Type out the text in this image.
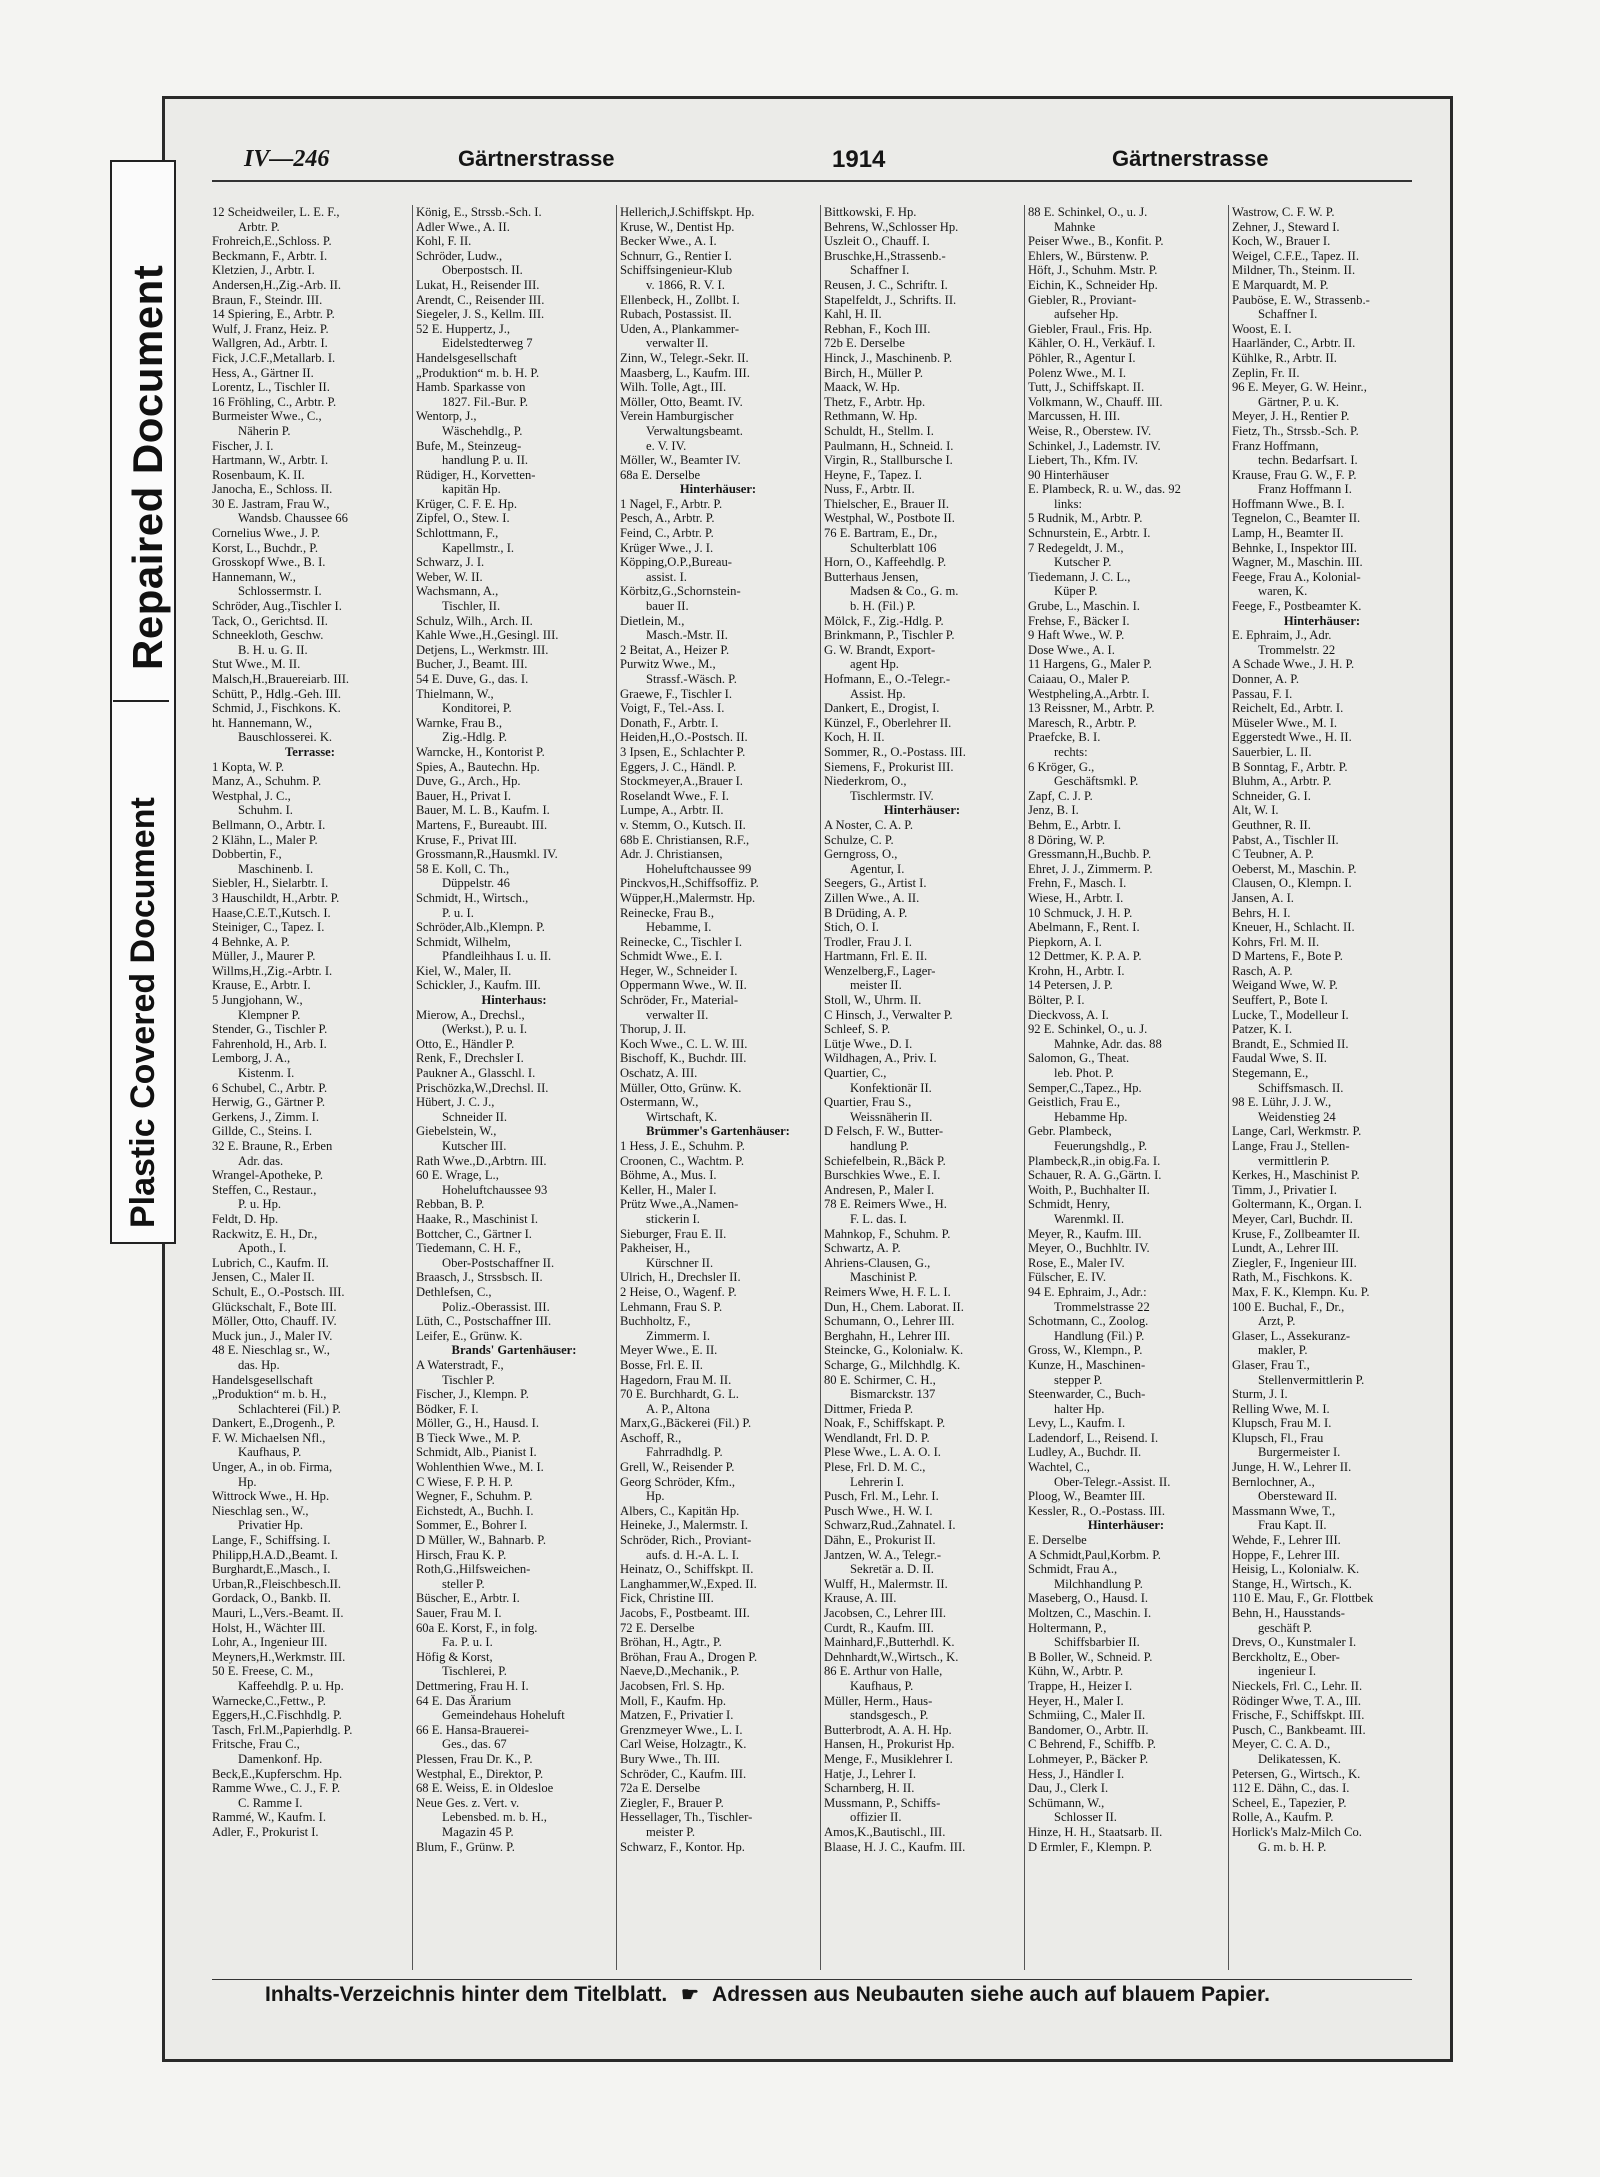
Repaired Document
Plastic Covered Document
IV—246	Gärtnerstrasse	1914	Gärtnerstrasse
12 Scheidweiler, L. E. F.,
Arbtr. P.
Frohreich,E.,Schloss. P.
Beckmann, F., Arbtr. I.
Kletzien, J., Arbtr. I.
Andersen,H.,Zig.-Arb. II.
Braun, F., Steindr. III.
14 Spiering, E., Arbtr. P.
Wulf, J. Franz, Heiz. P.
Wallgren, Ad., Arbtr. I.
Fick, J.C.F.,Metallarb. I.
Hess, A., Gärtner II.
Lorentz, L., Tischler II.
16 Fröhling, C., Arbtr. P.
Burmeister Wwe., C.,
Näherin P.
Fischer, J. I.
Hartmann, W., Arbtr. I.
Rosenbaum, K. II.
Janocha, E., Schloss. II.
30 E. Jastram, Frau W.,
Wandsb. Chaussee 66
Cornelius Wwe., J. P.
Korst, L., Buchdr., P.
Grosskopf Wwe., B. I.
Hannemann, W.,
Schlossermstr. I.
Schröder, Aug.,Tischler I.
Tack, O., Gerichtsd. II.
Schneekloth, Geschw.
B. H. u. G. II.
Stut Wwe., M. II.
Malsch,H.,Brauereiarb. III.
Schütt, P., Hdlg.-Geh. III.
Schmid, J., Fischkons. K.
ht. Hannemann, W.,
Bauschlosserei. K.
Terrasse:
1 Kopta, W. P.
Manz, A., Schuhm. P.
Westphal, J. C.,
Schuhm. I.
Bellmann, O., Arbtr. I.
2 Klähn, L., Maler P.
Dobbertin, F.,
Maschinenb. I.
Siebler, H., Sielarbtr. I.
3 Hauschildt, H.,Arbtr. P.
Haase,C.E.T.,Kutsch. I.
Steiniger, C., Tapez. I.
4 Behnke, A. P.
Müller, J., Maurer P.
Willms,H.,Zig.-Arbtr. I.
Krause, E., Arbtr. I.
5 Jungjohann, W.,
Klempner P.
Stender, G., Tischler P.
Fahrenhold, H., Arb. I.
Lemborg, J. A.,
Kistenm. I.
6 Schubel, C., Arbtr. P.
Herwig, G., Gärtner P.
Gerkens, J., Zimm. I.
Gillde, C., Steins. I.
32 E. Braune, R., Erben
Adr. das.
Wrangel-Apotheke, P.
Steffen, C., Restaur.,
P. u. Hp.
Feldt, D. Hp.
Rackwitz, E. H., Dr.,
Apoth., I.
Lubrich, C., Kaufm. II.
Jensen, C., Maler II.
Schult, E., O.-Postsch. III.
Glückschalt, F., Bote III.
Möller, Otto, Chauff. IV.
Muck jun., J., Maler IV.
48 E. Nieschlag sr., W.,
das. Hp.
Handelsgesellschaft
„Produktion“ m. b. H.,
Schlachterei (Fil.) P.
Dankert, E.,Drogenh., P.
F. W. Michaelsen Nfl.,
Kaufhaus, P.
Unger, A., in ob. Firma,
Hp.
Wittrock Wwe., H. Hp.
Nieschlag sen., W.,
Privatier Hp.
Lange, F., Schiffsing. I.
Philipp,H.A.D.,Beamt. I.
Burghardt,E.,Masch., I.
Urban,R.,Fleischbesch.II.
Gordack, O., Bankb. II.
Mauri, L.,Vers.-Beamt. II.
Holst, H., Wächter III.
Lohr, A., Ingenieur III.
Meyners,H.,Werkmstr. III.
50 E. Freese, C. M.,
Kaffeehdlg. P. u. Hp.
Warnecke,C.,Fettw., P.
Eggers,H.,C.Fischhdlg. P.
Tasch, Frl.M.,Papierhdlg. P.
Fritsche, Frau C.,
Damenkonf. Hp.
Beck,E.,Kupferschm. Hp.
Ramme Wwe., C. J., F. P.
C. Ramme I.
Rammé, W., Kaufm. I.
Adler, F., Prokurist I.
König, E., Strssb.-Sch. I.
Adler Wwe., A. II.
Kohl, F. II.
Schröder, Ludw.,
Oberpostsch. II.
Lukat, H., Reisender III.
Arendt, C., Reisender III.
Siegeler, J. S., Kellm. III.
52 E. Huppertz, J.,
Eidelstedterweg 7
Handelsgesellschaft
„Produktion“ m. b. H. P.
Hamb. Sparkasse von
1827. Fil.-Bur. P.
Wentorp, J.,
Wäschehdlg., P.
Bufe, M., Steinzeug-
handlung P. u. II.
Rüdiger, H., Korvetten-
kapitän Hp.
Krüger, C. F. E. Hp.
Zipfel, O., Stew. I.
Schlottmann, F.,
Kapellmstr., I.
Schwarz, J. I.
Weber, W. II.
Wachsmann, A.,
Tischler, II.
Schulz, Wilh., Arch. II.
Kahle Wwe.,H.,Gesingl. III.
Detjens, L., Werkmstr. III.
Bucher, J., Beamt. III.
54 E. Duve, G., das. I.
Thielmann, W.,
Konditorei, P.
Warnke, Frau B.,
Zig.-Hdlg. P.
Warncke, H., Kontorist P.
Spies, A., Bautechn. Hp.
Duve, G., Arch., Hp.
Bauer, H., Privat I.
Bauer, M. L. B., Kaufm. I.
Martens, F., Bureaubt. III.
Kruse, F., Privat III.
Grossmann,R.,Hausmkl. IV.
58 E. Koll, C. Th.,
Düppelstr. 46
Schmidt, H., Wirtsch.,
P. u. I.
Schröder,Alb.,Klempn. P.
Schmidt, Wilhelm,
Pfandleihhaus I. u. II.
Kiel, W., Maler, II.
Schickler, J., Kaufm. III.
Hinterhaus:
Mierow, A., Drechsl.,
(Werkst.), P. u. I.
Otto, E., Händler P.
Renk, F., Drechsler I.
Paukner A., Glasschl. I.
Prischözka,W.,Drechsl. II.
Hübert, J. C. J.,
Schneider II.
Giebelstein, W.,
Kutscher III.
Rath Wwe.,D.,Arbtrn. III.
60 E. Wrage, L.,
Hoheluftchaussee 93
Rebban, B. P.
Haake, R., Maschinist I.
Bottcher, C., Gärtner I.
Tiedemann, C. H. F.,
Ober-Postschaffner II.
Braasch, J., Strssbsch. II.
Dethlefsen, C.,
Poliz.-Oberassist. III.
Lüth, C., Postschaffner III.
Leifer, E., Grünw. K.
Brands' Gartenhäuser:
A Waterstradt, F.,
Tischler P.
Fischer, J., Klempn. P.
Bödker, F. I.
Möller, G., H., Hausd. I.
B Tieck Wwe., M. P.
Schmidt, Alb., Pianist I.
Wohlenthien Wwe., M. I.
C Wiese, F. P. H. P.
Wegner, F., Schuhm. P.
Eichstedt, A., Buchh. I.
Sommer, E., Bohrer I.
D Müller, W., Bahnarb. P.
Hirsch, Frau K. P.
Roth,G.,Hilfsweichen-
steller P.
Büscher, E., Arbtr. I.
Sauer, Frau M. I.
60a E. Korst, F., in folg.
Fa. P. u. I.
Höfig & Korst,
Tischlerei, P.
Dettmering, Frau H. I.
64 E. Das Ärarium
Gemeindehaus Hoheluft
66 E. Hansa-Brauerei-
Ges., das. 67
Plessen, Frau Dr. K., P.
Westphal, E., Direktor, P.
68 E. Weiss, E. in Oldesloe
Neue Ges. z. Vert. v.
Lebensbed. m. b. H.,
Magazin 45 P.
Blum, F., Grünw. P.
Hellerich,J.Schiffskpt. Hp.
Kruse, W., Dentist Hp.
Becker Wwe., A. I.
Schnurr, G., Rentier I.
Schiffsingenieur-Klub
v. 1866, R. V. I.
Ellenbeck, H., Zollbt. I.
Rubach, Postassist. II.
Uden, A., Plankammer-
verwalter II.
Zinn, W., Telegr.-Sekr. II.
Maasberg, L., Kaufm. III.
Wilh. Tolle, Agt., III.
Möller, Otto, Beamt. IV.
Verein Hamburgischer
Verwaltungsbeamt.
e. V. IV.
Möller, W., Beamter IV.
68a E. Derselbe
Hinterhäuser:
1 Nagel, F., Arbtr. P.
Pesch, A., Arbtr. P.
Feind, C., Arbtr. P.
Krüger Wwe., J. I.
Köpping,O.P.,Bureau-
assist. I.
Körbitz,G.,Schornstein-
bauer II.
Dietlein, M.,
Masch.-Mstr. II.
2 Beitat, A., Heizer P.
Purwitz Wwe., M.,
Strassf.-Wäsch. P.
Graewe, F., Tischler I.
Voigt, F., Tel.-Ass. I.
Donath, F., Arbtr. I.
Heiden,H.,O.-Postsch. II.
3 Ipsen, E., Schlachter P.
Eggers, J. C., Händl. P.
Stockmeyer,A.,Brauer I.
Roselandt Wwe., F. I.
Lumpe, A., Arbtr. II.
v. Stemm, O., Kutsch. II.
68b E. Christiansen, R.F.,
Adr. J. Christiansen,
Hoheluftchaussee 99
Pinckvos,H.,Schiffsoffiz. P.
Wüpper,H.,Malermstr. Hp.
Reinecke, Frau B.,
Hebamme, I.
Reinecke, C., Tischler I.
Schmidt Wwe., E. I.
Heger, W., Schneider I.
Oppermann Wwe., W. II.
Schröder, Fr., Material-
verwalter II.
Thorup, J. II.
Koch Wwe., C. L. W. III.
Bischoff, K., Buchdr. III.
Oschatz, A. III.
Müller, Otto, Grünw. K.
Ostermann, W.,
Wirtschaft, K.
Brümmer's Gartenhäuser:
1 Hess, J. E., Schuhm. P.
Croonen, C., Wachtm. P.
Böhme, A., Mus. I.
Keller, H., Maler I.
Prütz Wwe.,A.,Namen-
stickerin I.
Sieburger, Frau E. II.
Pakheiser, H.,
Kürschner II.
Ulrich, H., Drechsler II.
2 Heise, O., Wagenf. P.
Lehmann, Frau S. P.
Buchholtz, F.,
Zimmerm. I.
Meyer Wwe., E. II.
Bosse, Frl. E. II.
Hagedorn, Frau M. II.
70 E. Burchhardt, G. L.
A. P., Altona
Marx,G.,Bäckerei (Fil.) P.
Aschoff, R.,
Fahrradhdlg. P.
Grell, W., Reisender P.
Georg Schröder, Kfm.,
Hp.
Albers, C., Kapitän Hp.
Heineke, J., Malermstr. I.
Schröder, Rich., Proviant-
aufs. d. H.-A. L. I.
Heinatz, O., Schiffskpt. II.
Langhammer,W.,Exped. II.
Fick, Christine III.
Jacobs, F., Postbeamt. III.
72 E. Derselbe
Bröhan, H., Agtr., P.
Bröhan, Frau A., Drogen P.
Naeve,D.,Mechanik., P.
Jacobsen, Frl. S. Hp.
Moll, F., Kaufm. Hp.
Matzen, F., Privatier I.
Grenzmeyer Wwe., L. I.
Carl Weise, Holzagtr., K.
Bury Wwe., Th. III.
Schröder, C., Kaufm. III.
72a E. Derselbe
Ziegler, F., Brauer P.
Hessellager, Th., Tischler-
meister P.
Schwarz, F., Kontor. Hp.
Bittkowski, F. Hp.
Behrens, W.,Schlosser Hp.
Uszleit O., Chauff. I.
Bruschke,H.,Strassenb.-
Schaffner I.
Reusen, J. C., Schriftr. I.
Stapelfeldt, J., Schrifts. II.
Kahl, H. II.
Rebhan, F., Koch III.
72b E. Derselbe
Hinck, J., Maschinenb. P.
Birch, H., Müller P.
Maack, W. Hp.
Thetz, F., Arbtr. Hp.
Rethmann, W. Hp.
Schuldt, H., Stellm. I.
Paulmann, H., Schneid. I.
Virgin, R., Stallbursche I.
Heyne, F., Tapez. I.
Nuss, F., Arbtr. II.
Thielscher, E., Brauer II.
Westphal, W., Postbote II.
76 E. Bartram, E., Dr.,
Schulterblatt 106
Horn, O., Kaffeehdlg. P.
Butterhaus Jensen,
Madsen & Co., G. m.
b. H. (Fil.) P.
Mölck, F., Zig.-Hdlg. P.
Brinkmann, P., Tischler P.
G. W. Brandt, Export-
agent Hp.
Hofmann, E., O.-Telegr.-
Assist. Hp.
Dankert, E., Drogist, I.
Künzel, F., Oberlehrer II.
Koch, H. II.
Sommer, R., O.-Postass. III.
Siemens, F., Prokurist III.
Niederkrom, O.,
Tischlermstr. IV.
Hinterhäuser:
A Noster, C. A. P.
Schulze, C. P.
Gerngross, O.,
Agentur, I.
Seegers, G., Artist I.
Zillen Wwe., A. II.
B Drüding, A. P.
Stich, O. I.
Trodler, Frau J. I.
Hartmann, Frl. E. II.
Wenzelberg,F., Lager-
meister II.
Stoll, W., Uhrm. II.
C Hinsch, J., Verwalter P.
Schleef, S. P.
Lütje Wwe., D. I.
Wildhagen, A., Priv. I.
Quartier, C.,
Konfektionär II.
Quartier, Frau S.,
Weissnäherin II.
D Felsch, F. W., Butter-
handlung P.
Schiefelbein, R.,Bäck P.
Burschkies Wwe., E. I.
Andresen, P., Maler I.
78 E. Reimers Wwe., H.
F. L. das. I.
Mahnkop, F., Schuhm. P.
Schwartz, A. P.
Ahriens-Clausen, G.,
Maschinist P.
Reimers Wwe, H. F. L. I.
Dun, H., Chem. Laborat. II.
Schumann, O., Lehrer III.
Berghahn, H., Lehrer III.
Steincke, G., Kolonialw. K.
Scharge, G., Milchhdlg. K.
80 E. Schirmer, C. H.,
Bismarckstr. 137
Dittmer, Frieda P.
Noak, F., Schiffskapt. P.
Wendlandt, Frl. D. P.
Plese Wwe., L. A. O. I.
Plese, Frl. D. M. C.,
Lehrerin I.
Pusch, Frl. M., Lehr. I.
Pusch Wwe., H. W. I.
Schwarz,Rud.,Zahnatel. I.
Dähn, E., Prokurist II.
Jantzen, W. A., Telegr.-
Sekretär a. D. II.
Wulff, H., Malermstr. II.
Krause, A. III.
Jacobsen, C., Lehrer III.
Curdt, R., Kaufm. III.
Mainhard,F.,Butterhdl. K.
Dehnhardt,W.,Wirtsch., K.
86 E. Arthur von Halle,
Kaufhaus, P.
Müller, Herm., Haus-
standsgesch., P.
Butterbrodt, A. A. H. Hp.
Hansen, H., Prokurist Hp.
Menge, F., Musiklehrer I.
Hatje, J., Lehrer I.
Scharnberg, H. II.
Mussmann, P., Schiffs-
offizier II.
Amos,K.,Bautischl., III.
Blaase, H. J. C., Kaufm. III.
88 E. Schinkel, O., u. J.
Mahnke
Peiser Wwe., B., Konfit. P.
Ehlers, W., Bürstenw. P.
Höft, J., Schuhm. Mstr. P.
Eichin, K., Schneider Hp.
Giebler, R., Proviant-
aufseher Hp.
Giebler, Fraul., Fris. Hp.
Kähler, O. H., Verkäuf. I.
Pöhler, R., Agentur I.
Polenz Wwe., M. I.
Tutt, J., Schiffskapt. II.
Volkmann, W., Chauff. III.
Marcussen, H. III.
Weise, R., Oberstew. IV.
Schinkel, J., Lademstr. IV.
Liebert, Th., Kfm. IV.
90 Hinterhäuser
E. Plambeck, R. u. W., das. 92
links:
5 Rudnik, M., Arbtr. P.
Schnurstein, E., Arbtr. I.
7 Redegeldt, J. M.,
Kutscher P.
Tiedemann, J. C. L.,
Küper P.
Grube, L., Maschin. I.
Frehse, F., Bäcker I.
9 Haft Wwe., W. P.
Dose Wwe., A. I.
11 Hargens, G., Maler P.
Caiaau, O., Maler P.
Westpheling,A.,Arbtr. I.
13 Reissner, M., Arbtr. P.
Maresch, R., Arbtr. P.
Praefcke, B. I.
rechts:
6 Kröger, G.,
Geschäftsmkl. P.
Zapf, C. J. P.
Jenz, B. I.
Behm, E., Arbtr. I.
8 Döring, W. P.
Gressmann,H.,Buchb. P.
Ehret, J. J., Zimmerm. P.
Frehn, F., Masch. I.
Wiese, H., Arbtr. I.
10 Schmuck, J. H. P.
Abelmann, F., Rent. I.
Piepkorn, A. I.
12 Dettmer, K. P. A. P.
Krohn, H., Arbtr. I.
14 Petersen, J. P.
Bölter, P. I.
Dieckvoss, A. I.
92 E. Schinkel, O., u. J.
Mahnke, Adr. das. 88
Salomon, G., Theat.
leb. Phot. P.
Semper,C.,Tapez., Hp.
Geistlich, Frau E.,
Hebamme Hp.
Gebr. Plambeck,
Feuerungshdlg., P.
Plambeck,R.,in obig.Fa. I.
Schauer, R. A. G.,Gärtn. I.
Woith, P., Buchhalter II.
Schmidt, Henry,
Warenmkl. II.
Meyer, R., Kaufm. III.
Meyer, O., Buchhltr. IV.
Rose, E., Maler IV.
Fülscher, E. IV.
94 E. Ephraim, J., Adr.:
Trommelstrasse 22
Schotmann, C., Zoolog.
Handlung (Fil.) P.
Gross, W., Klempn., P.
Kunze, H., Maschinen-
stepper P.
Steenwarder, C., Buch-
halter Hp.
Levy, L., Kaufm. I.
Ladendorf, L., Reisend. I.
Ludley, A., Buchdr. II.
Wachtel, C.,
Ober-Telegr.-Assist. II.
Ploog, W., Beamter III.
Kessler, R., O.-Postass. III.
Hinterhäuser:
E. Derselbe
A Schmidt,Paul,Korbm. P.
Schmidt, Frau A.,
Milchhandlung P.
Maseberg, O., Hausd. I.
Moltzen, C., Maschin. I.
Holtermann, P.,
Schiffsbarbier II.
B Boller, W., Schneid. P.
Kühn, W., Arbtr. P.
Trappe, H., Heizer I.
Heyer, H., Maler I.
Schmiing, C., Maler II.
Bandomer, O., Arbtr. II.
C Behrend, F., Schiffb. P.
Lohmeyer, P., Bäcker P.
Hess, J., Händler I.
Dau, J., Clerk I.
Schümann, W.,
Schlosser II.
Hinze, H. H., Staatsarb. II.
D Ermler, F., Klempn. P.
Wastrow, C. F. W. P.
Zehner, J., Steward I.
Koch, W., Brauer I.
Weigel, C.F.E., Tapez. II.
Mildner, Th., Steinm. II.
E Marquardt, M. P.
Pauböse, E. W., Strassenb.-
Schaffner I.
Woost, E. I.
Haarländer, C., Arbtr. II.
Kühlke, R., Arbtr. II.
Zeplin, Fr. II.
96 E. Meyer, G. W. Heinr.,
Gärtner, P. u. K.
Meyer, J. H., Rentier P.
Fietz, Th., Strssb.-Sch. P.
Franz Hoffmann,
techn. Bedarfsart. I.
Krause, Frau G. W., F. P.
Franz Hoffmann I.
Hoffmann Wwe., B. I.
Tegnelon, C., Beamter II.
Lamp, H., Beamter II.
Behnke, I., Inspektor III.
Wagner, M., Maschin. III.
Feege, Frau A., Kolonial-
waren, K.
Feege, F., Postbeamter K.
Hinterhäuser:
E. Ephraim, J., Adr.
Trommelstr. 22
A Schade Wwe., J. H. P.
Donner, A. P.
Passau, F. I.
Reichelt, Ed., Arbtr. I.
Müseler Wwe., M. I.
Eggerstedt Wwe., H. II.
Sauerbier, L. II.
B Sonntag, F., Arbtr. P.
Bluhm, A., Arbtr. P.
Schneider, G. I.
Alt, W. I.
Geuthner, R. II.
Pabst, A., Tischler II.
C Teubner, A. P.
Oeberst, M., Maschin. P.
Clausen, O., Klempn. I.
Jansen, A. I.
Behrs, H. I.
Kneuer, H., Schlacht. II.
Kohrs, Frl. M. II.
D Martens, F., Bote P.
Rasch, A. P.
Weigand Wwe, W. P.
Seuffert, P., Bote I.
Lucke, T., Modelleur I.
Patzer, K. I.
Brandt, E., Schmied II.
Faudal Wwe, S. II.
Stegemann, E.,
Schiffsmasch. II.
98 E. Lühr, J. J. W.,
Weidenstieg 24
Lange, Carl, Werkmstr. P.
Lange, Frau J., Stellen-
vermittlerin P.
Kerkes, H., Maschinist P.
Timm, J., Privatier I.
Goltermann, K., Organ. I.
Meyer, Carl, Buchdr. II.
Kruse, F., Zollbeamter II.
Lundt, A., Lehrer III.
Ziegler, F., Ingenieur III.
Rath, M., Fischkons. K.
Max, F. K., Klempn. Ku. P.
100 E. Buchal, F., Dr.,
Arzt, P.
Glaser, L., Assekuranz-
makler, P.
Glaser, Frau T.,
Stellenvermittlerin P.
Sturm, J. I.
Relling Wwe, M. I.
Klupsch, Frau M. I.
Klupsch, Fl., Frau
Burgermeister I.
Junge, H. W., Lehrer II.
Bernlochner, A.,
Obersteward II.
Massmann Wwe, T.,
Frau Kapt. II.
Wehde, F., Lehrer III.
Hoppe, F., Lehrer III.
Heisig, L., Kolonialw. K.
Stange, H., Wirtsch., K.
110 E. Mau, F., Gr. Flottbek
Behn, H., Hausstands-
geschäft P.
Drevs, O., Kunstmaler I.
Berckholtz, E., Ober-
ingenieur I.
Nieckels, Frl. C., Lehr. II.
Rödinger Wwe, T. A., III.
Frische, F., Schiffskpt. III.
Pusch, C., Bankbeamt. III.
Meyer, C. C. A. D.,
Delikatessen, K.
Petersen, G., Wirtsch., K.
112 E. Dähn, C., das. I.
Scheel, E., Tapezier, P.
Rolle, A., Kaufm. P.
Horlick's Malz-Milch Co.
G. m. b. H. P.
Inhalts-Verzeichnis hinter dem Titelblatt. ☛ Adressen aus Neubauten siehe auch auf blauem Papier.
